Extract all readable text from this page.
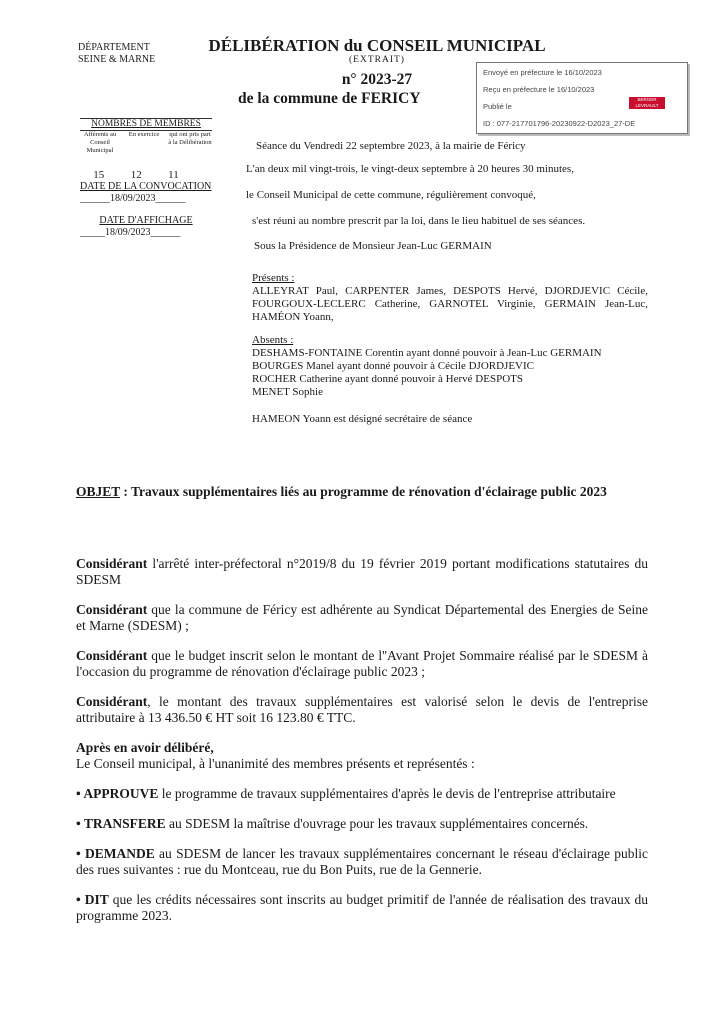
DÉPARTEMENT
SEINE & MARNE
DÉLIBÉRATION du CONSEIL MUNICIPAL
(EXTRAIT)
n° 2023-27
de la commune de FERICY
Envoyé en préfecture le 16/10/2023
Reçu en préfecture le 16/10/2023
Publié le
ID : 077-217701796-20230922-D2023_27-DE
BERGER LEVRAULT
NOMBRES DE MEMBRES
Afférents au Conseil Municipal
En exercice	qui ont pris part à la Délibération
15 12 11
DATE DE LA CONVOCATION
______18/09/2023______
DATE D'AFFICHAGE
_____18/09/2023______
Séance du Vendredi 22 septembre 2023, à la mairie de Féricy
L'an deux mil vingt-trois, le vingt-deux septembre à 20 heures 30 minutes,
le Conseil Municipal de cette commune, régulièrement convoqué,
s'est réuni au nombre prescrit par la loi, dans le lieu habituel de ses séances.
Sous la Présidence de Monsieur Jean-Luc GERMAIN
Présents :
ALLEYRAT Paul, CARPENTER James, DESPOTS Hervé, DJORDJEVIC Cécile, FOURGOUX-LECLERC Catherine, GARNOTEL Virginie, GERMAIN Jean-Luc, HAMÉON Yoann,
Absents :
DESHAMS-FONTAINE Corentin ayant donné pouvoir à Jean-Luc GERMAIN
BOURGES Manel ayant donné pouvoir à Cécile DJORDJEVIC
ROCHER Catherine ayant donné pouvoir à Hervé DESPOTS
MENET Sophie
HAMEON Yoann est désigné secrétaire de séance
OBJET : Travaux supplémentaires liés au programme de rénovation d'éclairage public 2023

Considérant l'arrêté inter-préfectoral n°2019/8 du 19 février 2019 portant modifications statutaires du SDESM

Considérant que la commune de Féricy est adhérente au Syndicat Départemental des Energies de Seine et Marne (SDESM) ;

Considérant que le budget inscrit selon le montant de l''Avant Projet Sommaire réalisé par le SDESM à l'occasion du programme de rénovation d'éclairage public 2023 ;

Considérant, le montant des travaux supplémentaires est valorisé selon le devis de l'entreprise attributaire à 13 436.50 € HT soit 16 123.80 € TTC.

Après en avoir délibéré,
Le Conseil municipal, à l'unanimité des membres présents et représentés :

• APPROUVE le programme de travaux supplémentaires d'après le devis de l'entreprise attributaire

• TRANSFERE au SDESM la maîtrise d'ouvrage pour les travaux supplémentaires concernés.

• DEMANDE au SDESM de lancer les travaux supplémentaires concernant le réseau d'éclairage public des rues suivantes : rue du Montceau, rue du Bon Puits, rue de la Gennerie.

• DIT que les crédits nécessaires sont inscrits au budget primitif de l'année de réalisation des travaux du programme 2023.
